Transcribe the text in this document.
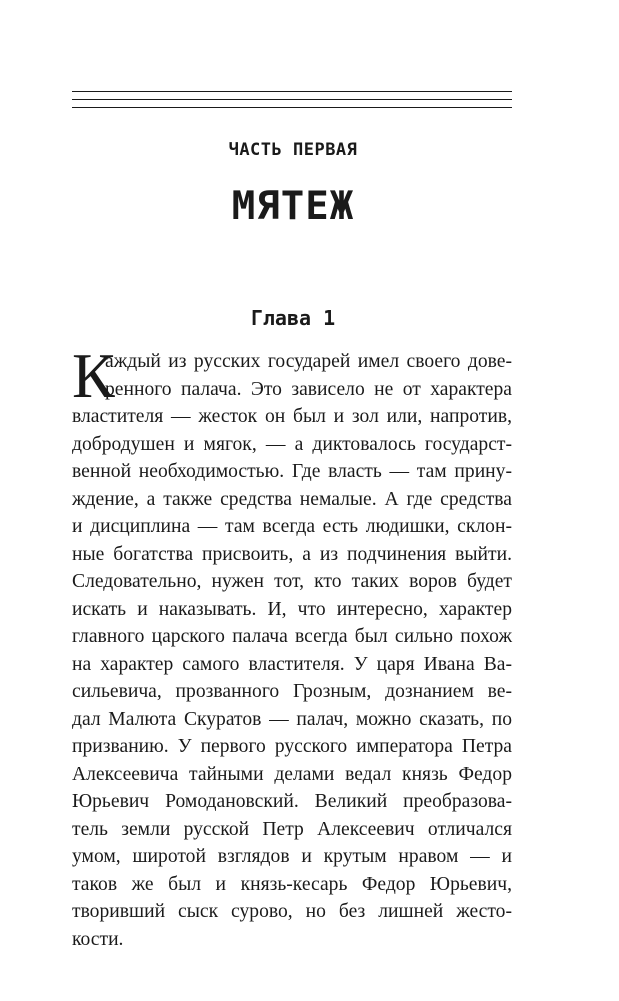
ЧАСТЬ ПЕРВАЯ
МЯТЕЖ
Глава 1
К
аждый из русских государей имел своего дове-
ренного палача. Это зависело не от характера
властителя — жесток он был и зол или, напротив,
добродушен и мягок, — а диктовалось государст-
венной необходимостью. Где власть — там прину-
ждение, а также средства немалые. А где средства
и дисциплина — там всегда есть людишки, склон-
ные богатства присвоить, а из подчинения выйти.
Следовательно, нужен тот, кто таких воров будет
искать и наказывать. И, что интересно, характер
главного царского палача всегда был сильно похож
на характер самого властителя. У царя Ивана Ва-
сильевича, прозванного Грозным, дознанием ве-
дал Малюта Скуратов — палач, можно сказать, по
призванию. У первого русского императора Петра
Алексеевича тайными делами ведал князь Федор
Юрьевич Ромодановский. Великий преобразова-
тель земли русской Петр Алексеевич отличался
умом, широтой взглядов и крутым нравом — и
таков же был и князь-кесарь Федор Юрьевич,
творивший сыск сурово, но без лишней жесто-
кости.
